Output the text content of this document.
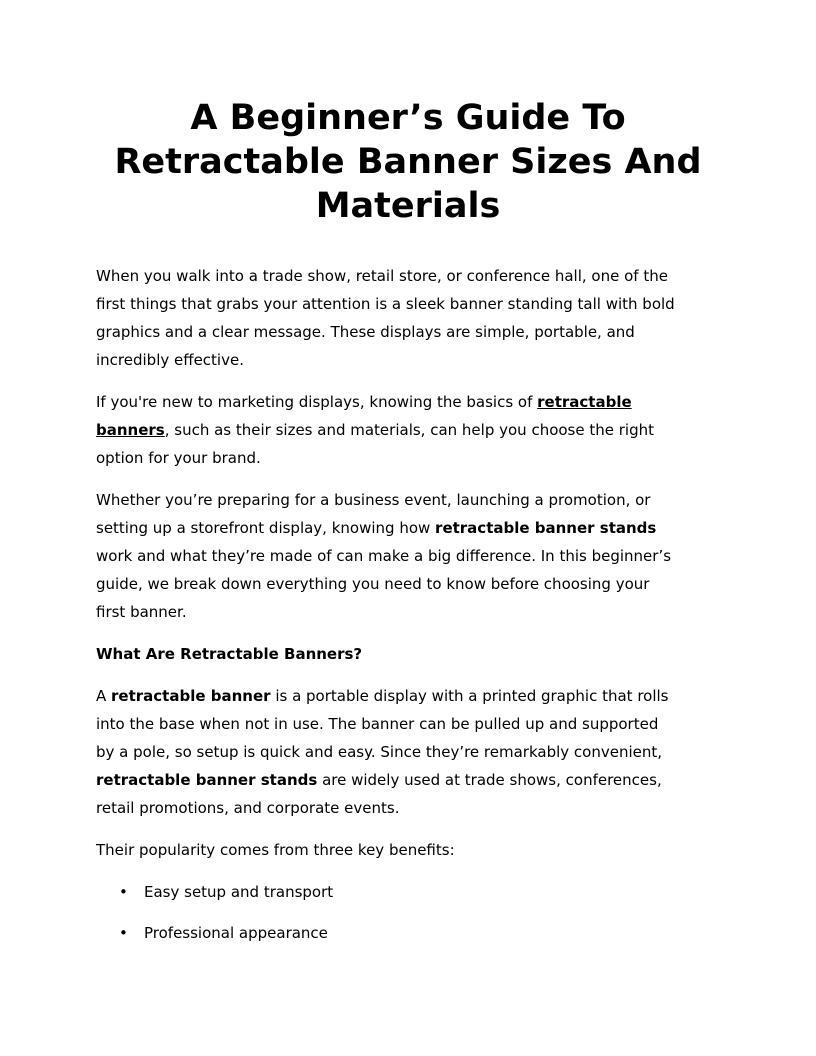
A Beginner’s Guide To
Retractable Banner Sizes And
Materials

When you walk into a trade show, retail store, or conference hall, one of the
first things that grabs your attention is a sleek banner standing tall with bold
graphics and a clear message. These displays are simple, portable, and
incredibly effective.

If you're new to marketing displays, knowing the basics of retractable
banners, such as their sizes and materials, can help you choose the right
option for your brand.

Whether you’re preparing for a business event, launching a promotion, or
setting up a storefront display, knowing how retractable banner stands
work and what they’re made of can make a big difference. In this beginner’s
guide, we break down everything you need to know before choosing your
first banner.

What Are Retractable Banners?

A retractable banner is a portable display with a printed graphic that rolls
into the base when not in use. The banner can be pulled up and supported
by a pole, so setup is quick and easy. Since they’re remarkably convenient,
retractable banner stands are widely used at trade shows, conferences,
retail promotions, and corporate events.

Their popularity comes from three key benefits:

• Easy setup and transport
• Professional appearance
